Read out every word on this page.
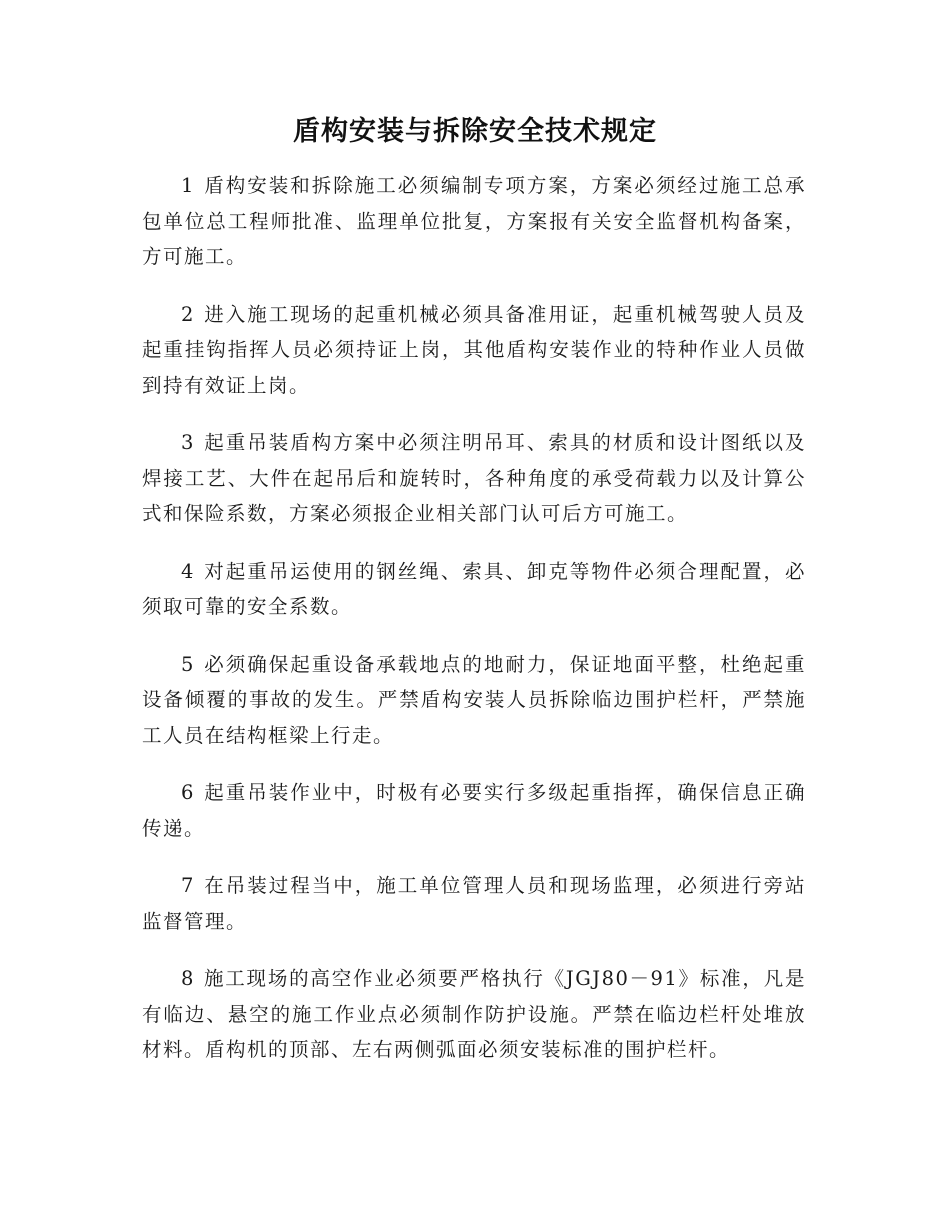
盾构安装与拆除安全技术规定

1 盾构安装和拆除施工必须编制专项方案，方案必须经过施工总承包单位总工程师批准、监理单位批复，方案报有关安全监督机构备案，方可施工。

2 进入施工现场的起重机械必须具备准用证，起重机械驾驶人员及起重挂钩指挥人员必须持证上岗，其他盾构安装作业的特种作业人员做到持有效证上岗。

3 起重吊装盾构方案中必须注明吊耳、索具的材质和设计图纸以及焊接工艺、大件在起吊后和旋转时，各种角度的承受荷载力以及计算公式和保险系数，方案必须报企业相关部门认可后方可施工。

4 对起重吊运使用的钢丝绳、索具、卸克等物件必须合理配置，必须取可靠的安全系数。

5 必须确保起重设备承载地点的地耐力，保证地面平整，杜绝起重设备倾覆的事故的发生。严禁盾构安装人员拆除临边围护栏杆，严禁施工人员在结构框梁上行走。

6 起重吊装作业中，时极有必要实行多级起重指挥，确保信息正确传递。

7 在吊装过程当中，施工单位管理人员和现场监理，必须进行旁站监督管理。

8 施工现场的高空作业必须要严格执行《JGJ80－91》标准，凡是有临边、悬空的施工作业点必须制作防护设施。严禁在临边栏杆处堆放材料。盾构机的顶部、左右两侧弧面必须安装标准的围护栏杆。
